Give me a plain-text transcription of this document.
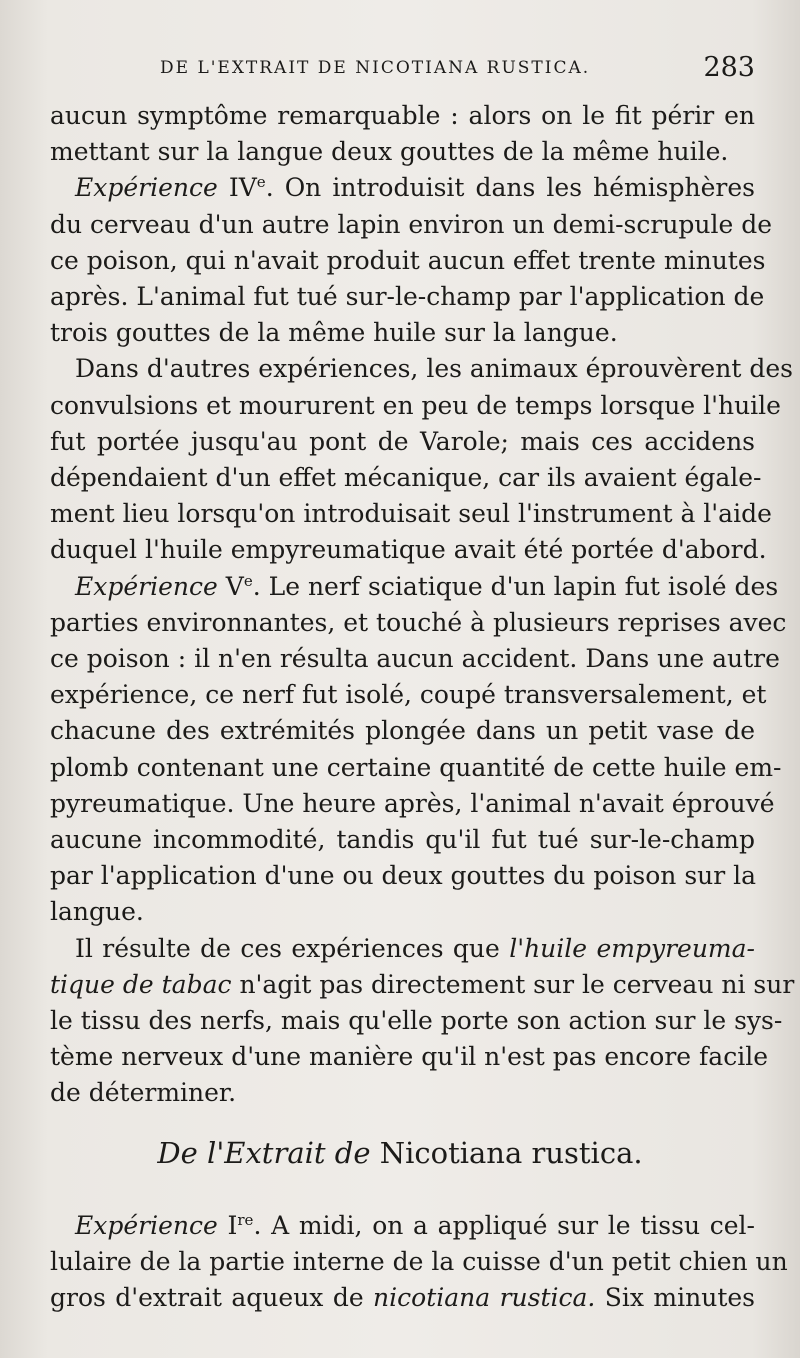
DE L'EXTRAIT DE NICOTIANA RUSTICA.	283

aucun symptôme remarquable : alors on le fit périr en
mettant sur la langue deux gouttes de la même huile.

 Expérience IVe. On introduisit dans les hémisphères
du cerveau d'un autre lapin environ un demi-scrupule de
ce poison, qui n'avait produit aucun effet trente minutes
après. L'animal fut tué sur-le-champ par l'application de
trois gouttes de la même huile sur la langue.

 Dans d'autres expériences, les animaux éprouvèrent des
convulsions et moururent en peu de temps lorsque l'huile
fut portée jusqu'au pont de Varole; mais ces accidens
dépendaient d'un effet mécanique, car ils avaient égale-
ment lieu lorsqu'on introduisait seul l'instrument à l'aide
duquel l'huile empyreumatique avait été portée d'abord.

 Expérience Ve. Le nerf sciatique d'un lapin fut isolé des
parties environnantes, et touché à plusieurs reprises avec
ce poison : il n'en résulta aucun accident. Dans une autre
expérience, ce nerf fut isolé, coupé transversalement, et
chacune des extrémités plongée dans un petit vase de
plomb contenant une certaine quantité de cette huile em-
pyreumatique. Une heure après, l'animal n'avait éprouvé
aucune incommodité, tandis qu'il fut tué sur-le-champ
par l'application d'une ou deux gouttes du poison sur la
langue.

 Il résulte de ces expériences que l'huile empyreuma-
tique de tabac n'agit pas directement sur le cerveau ni sur
le tissu des nerfs, mais qu'elle porte son action sur le sys-
tème nerveux d'une manière qu'il n'est pas encore facile
de déterminer.

De l'Extrait de Nicotiana rustica.
 Expérience Ire. A midi, on a appliqué sur le tissu cel-
lulaire de la partie interne de la cuisse d'un petit chien un
gros d'extrait aqueux de nicotiana rustica. Six minutes
